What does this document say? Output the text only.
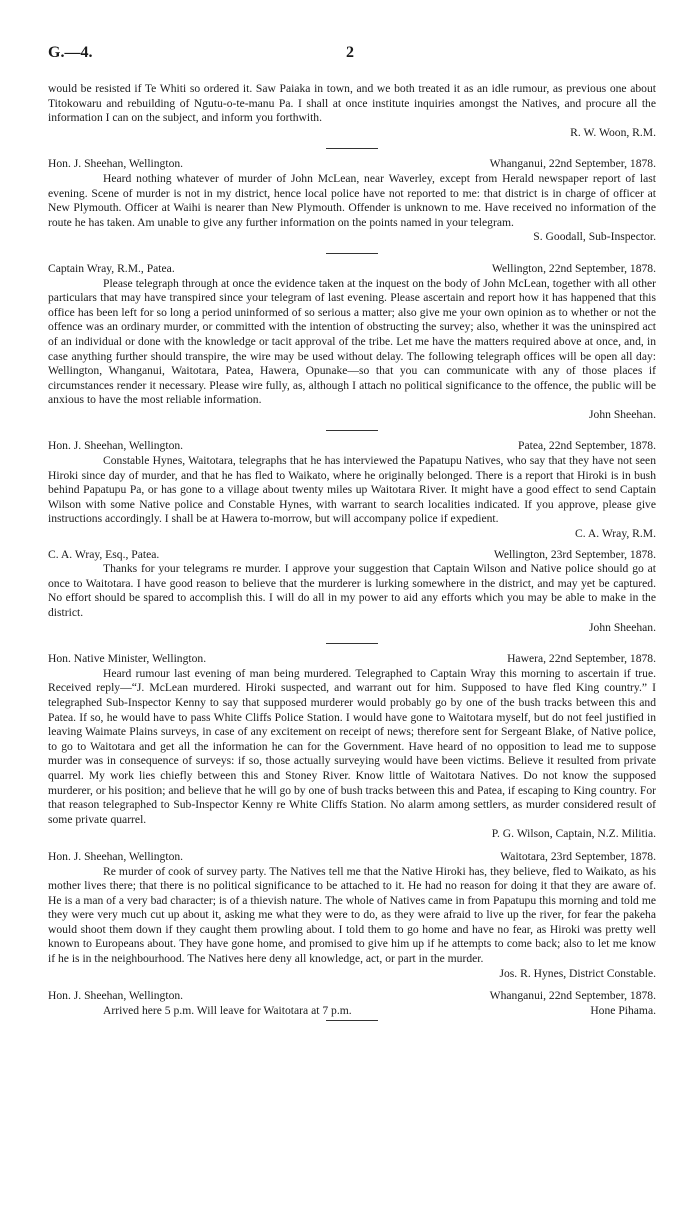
G.—4.	2

would be resisted if Te Whiti so ordered it. Saw Paiaka in town, and we both treated it as an idle rumour, as previous one about Titokowaru and rebuilding of Ngutu-o-te-manu Pa. I shall at once institute inquiries amongst the Natives, and procure all the information I can on the subject, and inform you forthwith.

R. W. Woon, R.M.

Hon. J. Sheehan, Wellington.	Whanganui, 22nd September, 1878.

Heard nothing whatever of murder of John McLean, near Waverley, except from Herald newspaper report of last evening. Scene of murder is not in my district, hence local police have not reported to me: that district is in charge of officer at New Plymouth. Officer at Waihi is nearer than New Plymouth. Offender is unknown to me. Have received no information of the route he has taken. Am unable to give any further information on the points named in your telegram.

S. Goodall, Sub-Inspector.

Captain Wray, R.M., Patea.	Wellington, 22nd September, 1878.

Please telegraph through at once the evidence taken at the inquest on the body of John McLean, together with all other particulars that may have transpired since your telegram of last evening. Please ascertain and report how it has happened that this office has been left for so long a period uninformed of so serious a matter; also give me your own opinion as to whether or not the offence was an ordinary murder, or committed with the intention of obstructing the survey; also, whether it was the uninspired act of an individual or done with the knowledge or tacit approval of the tribe. Let me have the matters required above at once, and, in case anything further should transpire, the wire may be used without delay. The following telegraph offices will be open all day: Wellington, Whanganui, Waitotara, Patea, Hawera, Opunake—so that you can communicate with any of those places if circumstances render it necessary. Please wire fully, as, although I attach no political significance to the offence, the public will be anxious to have the most reliable information.

John Sheehan.

Hon. J. Sheehan, Wellington.	Patea, 22nd September, 1878.

Constable Hynes, Waitotara, telegraphs that he has interviewed the Papatupu Natives, who say that they have not seen Hiroki since day of murder, and that he has fled to Waikato, where he originally belonged. There is a report that Hiroki is in bush behind Papatupu Pa, or has gone to a village about twenty miles up Waitotara River. It might have a good effect to send Captain Wilson with some Native police and Constable Hynes, with warrant to search localities indicated. If you approve, please give instructions accordingly. I shall be at Hawera to-morrow, but will accompany police if expedient.

C. A. Wray, R.M.

C. A. Wray, Esq., Patea.	Wellington, 23rd September, 1878.

Thanks for your telegrams re murder. I approve your suggestion that Captain Wilson and Native police should go at once to Waitotara. I have good reason to believe that the murderer is lurking somewhere in the district, and may yet be captured. No effort should be spared to accomplish this. I will do all in my power to aid any efforts which you may be able to make in the district.

John Sheehan.

Hon. Native Minister, Wellington.	Hawera, 22nd September, 1878.

Heard rumour last evening of man being murdered. Telegraphed to Captain Wray this morning to ascertain if true. Received reply—“J. McLean murdered. Hiroki suspected, and warrant out for him. Supposed to have fled King country.” I telegraphed Sub-Inspector Kenny to say that supposed murderer would probably go by one of the bush tracks between this and Patea. If so, he would have to pass White Cliffs Police Station. I would have gone to Waitotara myself, but do not feel justified in leaving Waimate Plains surveys, in case of any excitement on receipt of news; therefore sent for Sergeant Blake, of Native police, to go to Waitotara and get all the information he can for the Government. Have heard of no opposition to lead me to suppose murder was in consequence of surveys: if so, those actually surveying would have been victims. Believe it resulted from private quarrel. My work lies chiefly between this and Stoney River. Know little of Waitotara Natives. Do not know the supposed murderer, or his position; and believe that he will go by one of bush tracks between this and Patea, if escaping to King country. For that reason telegraphed to Sub-Inspector Kenny re White Cliffs Station. No alarm among settlers, as murder considered result of some private quarrel.

P. G. Wilson, Captain, N.Z. Militia.

Hon. J. Sheehan, Wellington.	Waitotara, 23rd September, 1878.

Re murder of cook of survey party. The Natives tell me that the Native Hiroki has, they believe, fled to Waikato, as his mother lives there; that there is no political significance to be attached to it. He had no reason for doing it that they are aware of. He is a man of a very bad character; is of a thievish nature. The whole of Natives came in from Papatupu this morning and told me they were very much cut up about it, asking me what they were to do, as they were afraid to live up the river, for fear the pakeha would shoot them down if they caught them prowling about. I told them to go home and have no fear, as Hiroki was pretty well known to Europeans about. They have gone home, and promised to give him up if he attempts to come back; also to let me know if he is in the neighbourhood. The Natives here deny all knowledge, act, or part in the murder.

Jos. R. Hynes, District Constable.

Hon. J. Sheehan, Wellington.	Whanganui, 22nd September, 1878.
Arrived here 5 p.m. Will leave for Waitotara at 7 p.m.	Hone Pihama.
